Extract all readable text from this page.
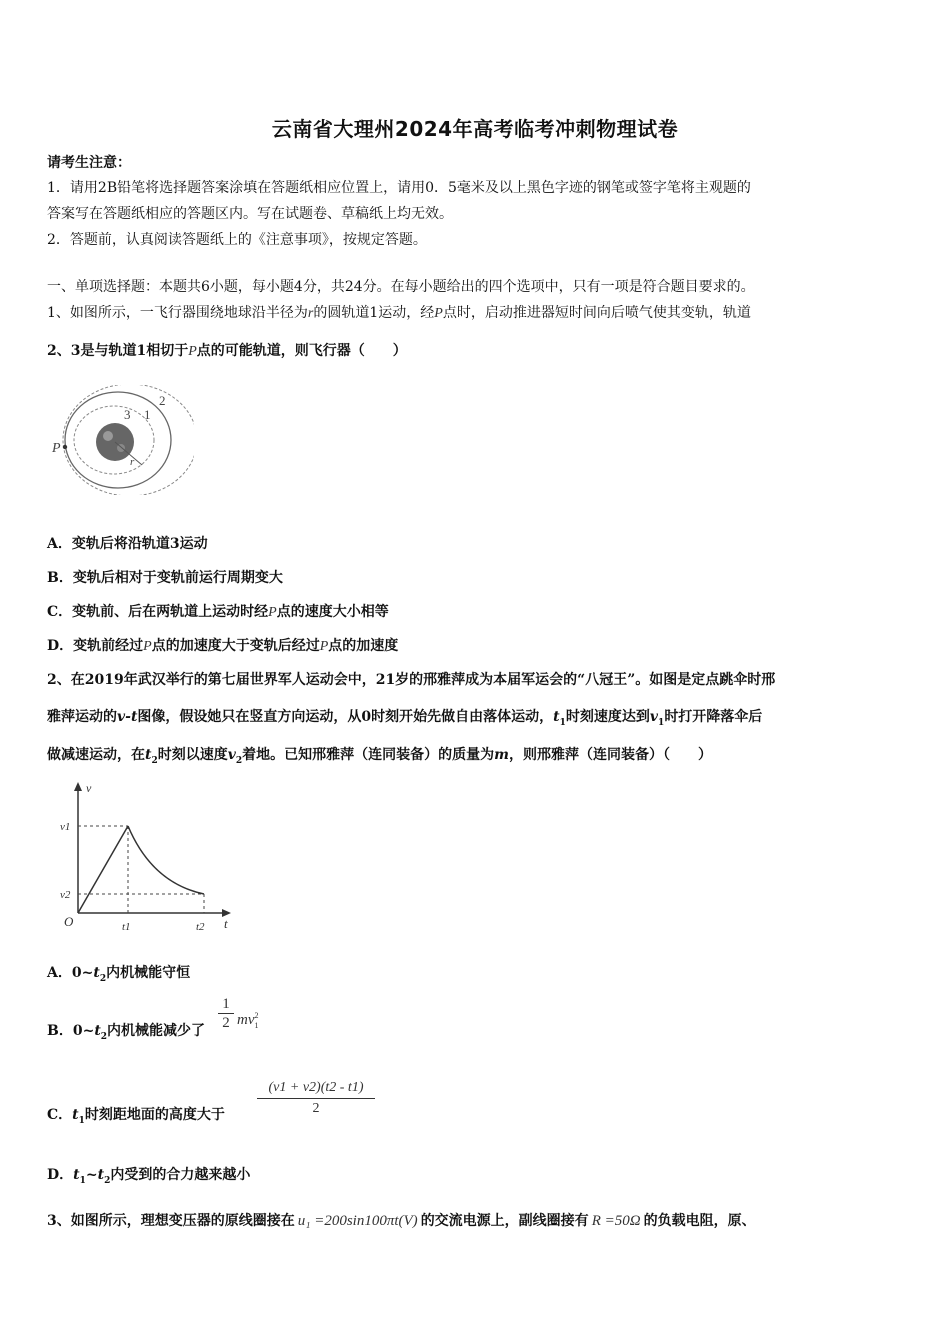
云南省大理州2024年高考临考冲刺物理试卷
请考生注意：
1．请用2B铅笔将选择题答案涂填在答题纸相应位置上，请用0．5毫米及以上黑色字迹的钢笔或签字笔将主观题的
答案写在答题纸相应的答题区内。写在试题卷、草稿纸上均无效。
2．答题前，认真阅读答题纸上的《注意事项》，按规定答题。
一、单项选择题：本题共6小题，每小题4分，共24分。在每小题给出的四个选项中，只有一项是符合题目要求的。
1、如图所示，一飞行器围绕地球沿半径为r的圆轨道1运动，经P点时，启动推进器短时间向后喷气使其变轨，轨道
2、3是与轨道1相切于P点的可能轨道，则飞行器（　　）
P
1
2
3
r
A．变轨后将沿轨道3运动
B．变轨后相对于变轨前运行周期变大
C．变轨前、后在两轨道上运动时经P点的速度大小相等
D．变轨前经过P点的加速度大于变轨后经过P点的加速度
2、在2019年武汉举行的第七届世界军人运动会中，21岁的邢雅萍成为本届军运会的“八冠王”。如图是定点跳伞时邢
雅萍运动的v-t图像，假设她只在竖直方向运动，从0时刻开始先做自由落体运动，$t_1$时刻速度达到$v_1$时打开降落伞后
做减速运动，在$t_2$时刻以速度$v_2$着地。已知邢雅萍（连同装备）的质量为m，则邢雅萍（连同装备）（　　）
v
v1
v2
O	t1	t2 t
A．$0\sim t_2$内机械能守恒
B．$0\sim t_2$内机械能减少了 $\frac{1}{2} mv_1^2$
C．$t_1$时刻距地面的高度大于 $\frac{(v1 + v2)(t2 - t1)}{2}$
D．$t_1\sim t_2$内受到的合力越来越小
3、如图所示，理想变压器的原线圈接在 u₁ =200sin100πt(V) 的交流电源上，副线圈接有 R =50Ω 的负载电阻，原、
